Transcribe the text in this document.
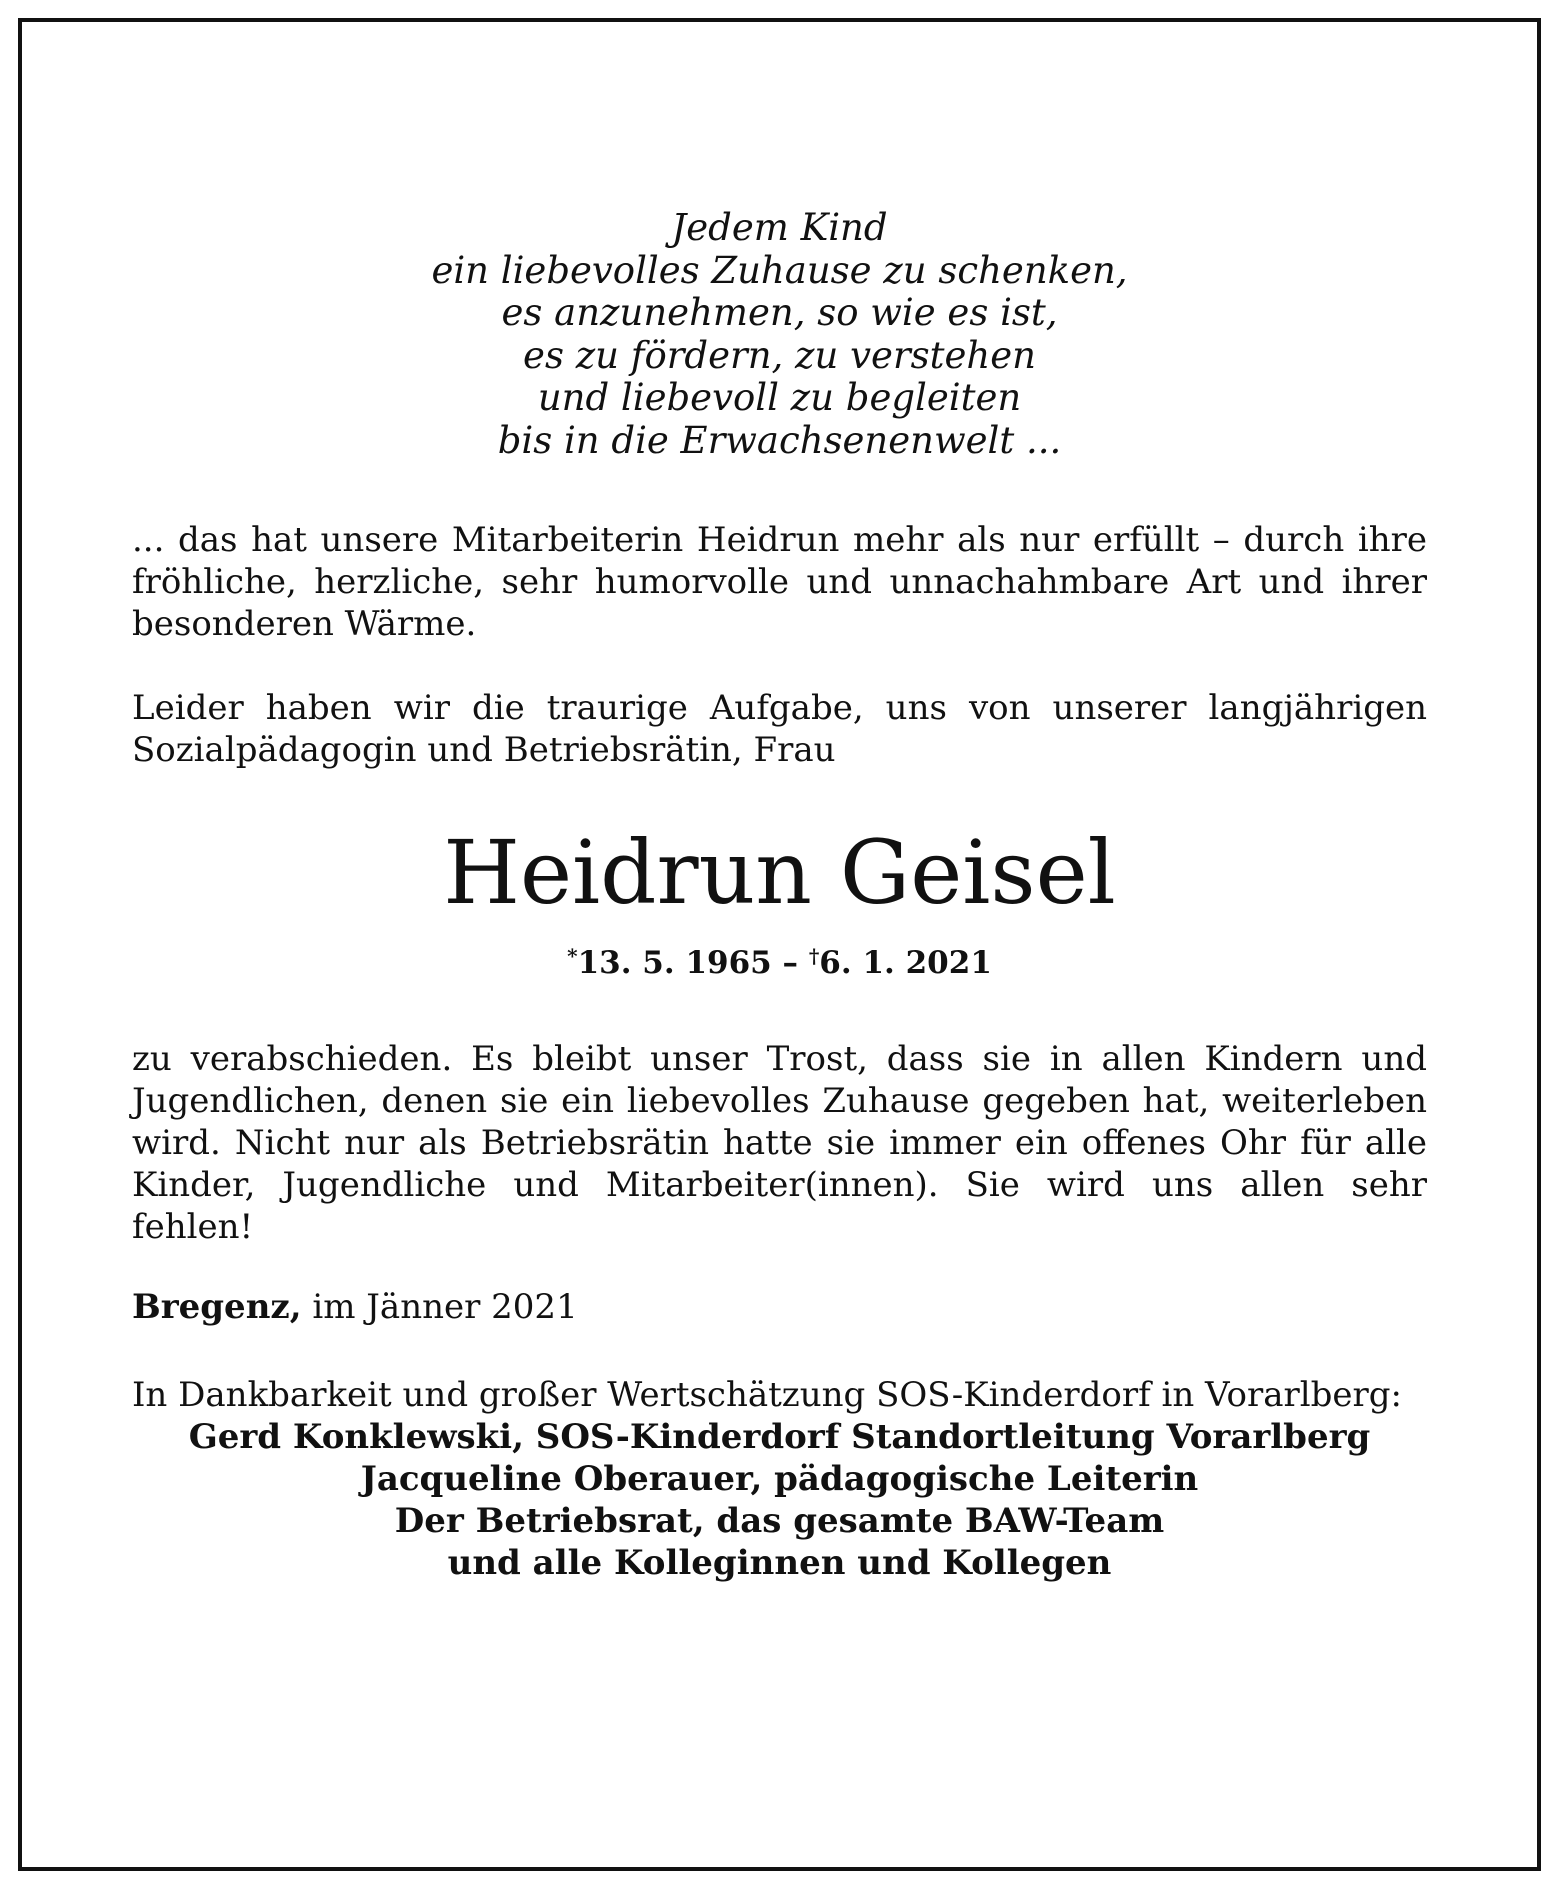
Jedem Kind
ein liebevolles Zuhause zu schenken,
es anzunehmen, so wie es ist,
es zu fördern, zu verstehen
und liebevoll zu begleiten
bis in die Erwachsenenwelt ...

... das hat unsere Mitarbeiterin Heidrun mehr als nur erfüllt – durch ihre fröhliche, herzliche, sehr humorvolle und unnachahmbare Art und ihrer besonderen Wärme.

Leider haben wir die traurige Aufgabe, uns von unserer langjährigen Sozialpädagogin und Betriebsrätin, Frau

Heidrun Geisel
*13. 5. 1965 – †6. 1. 2021

zu verabschieden. Es bleibt unser Trost, dass sie in allen Kindern und Jugendlichen, denen sie ein liebevolles Zuhause gegeben hat, weiterleben wird. Nicht nur als Betriebsrätin hatte sie immer ein offenes Ohr für alle Kinder, Jugendliche und Mitarbeiter(innen). Sie wird uns allen sehr fehlen!

Bregenz, im Jänner 2021
In Dankbarkeit und großer Wertschätzung SOS-Kinderdorf in Vorarlberg:
Gerd Konklewski, SOS-Kinderdorf Standortleitung Vorarlberg
Jacqueline Oberauer, pädagogische Leiterin
Der Betriebsrat, das gesamte BAW-Team
und alle Kolleginnen und Kollegen
